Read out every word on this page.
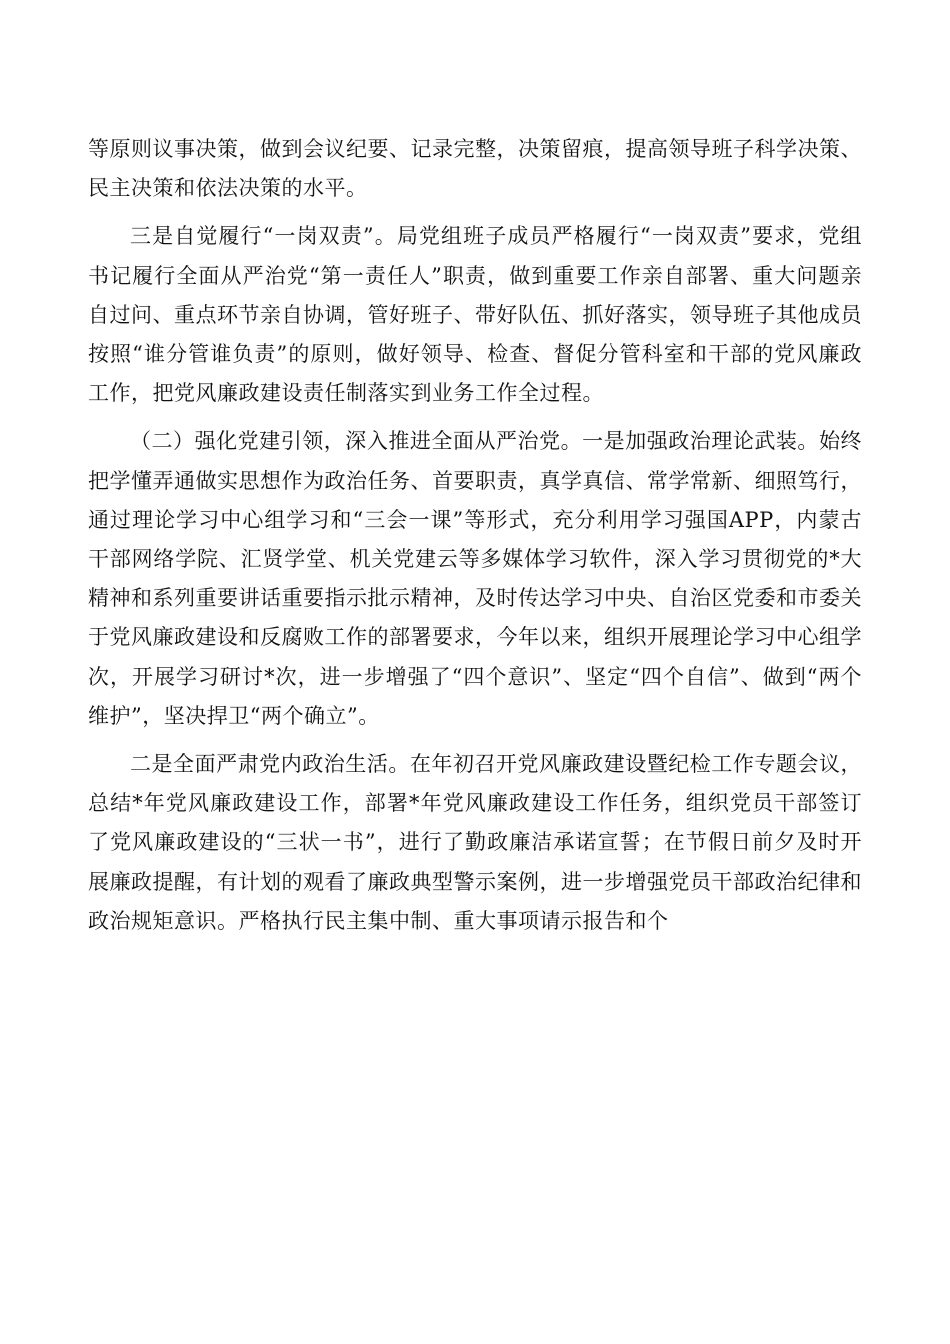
等原则议事决策，做到会议纪要、记录完整，决策留痕，提高领导班子科学决策、民主决策和依法决策的水平。

三是自觉履行“一岗双责”。局党组班子成员严格履行“一岗双责”要求，党组书记履行全面从严治党“第一责任人”职责，做到重要工作亲自部署、重大问题亲自过问、重点环节亲自协调，管好班子、带好队伍、抓好落实，领导班子其他成员按照“谁分管谁负责”的原则，做好领导、检查、督促分管科室和干部的党风廉政工作，把党风廉政建设责任制落实到业务工作全过程。

（二）强化党建引领，深入推进全面从严治党。一是加强政治理论武装。始终把学懂弄通做实思想作为政治任务、首要职责，真学真信、常学常新、细照笃行，通过理论学习中心组学习和“三会一课”等形式，充分利用学习强国APP，内蒙古干部网络学院、汇贤学堂、机关党建云等多媒体学习软件，深入学习贯彻党的*大精神和系列重要讲话重要指示批示精神，及时传达学习中央、自治区党委和市委关于党风廉政建设和反腐败工作的部署要求，今年以来，组织开展理论学习中心组学次，开展学习研讨*次，进一步增强了“四个意识”、坚定“四个自信”、做到“两个维护”，坚决捍卫“两个确立”。

二是全面严肃党内政治生活。在年初召开党风廉政建设暨纪检工作专题会议，总结*年党风廉政建设工作，部署*年党风廉政建设工作任务，组织党员干部签订了党风廉政建设的“三状一书”，进行了勤政廉洁承诺宣誓；在节假日前夕及时开展廉政提醒，有计划的观看了廉政典型警示案例，进一步增强党员干部政治纪律和政治规矩意识。严格执行民主集中制、重大事项请示报告和个
